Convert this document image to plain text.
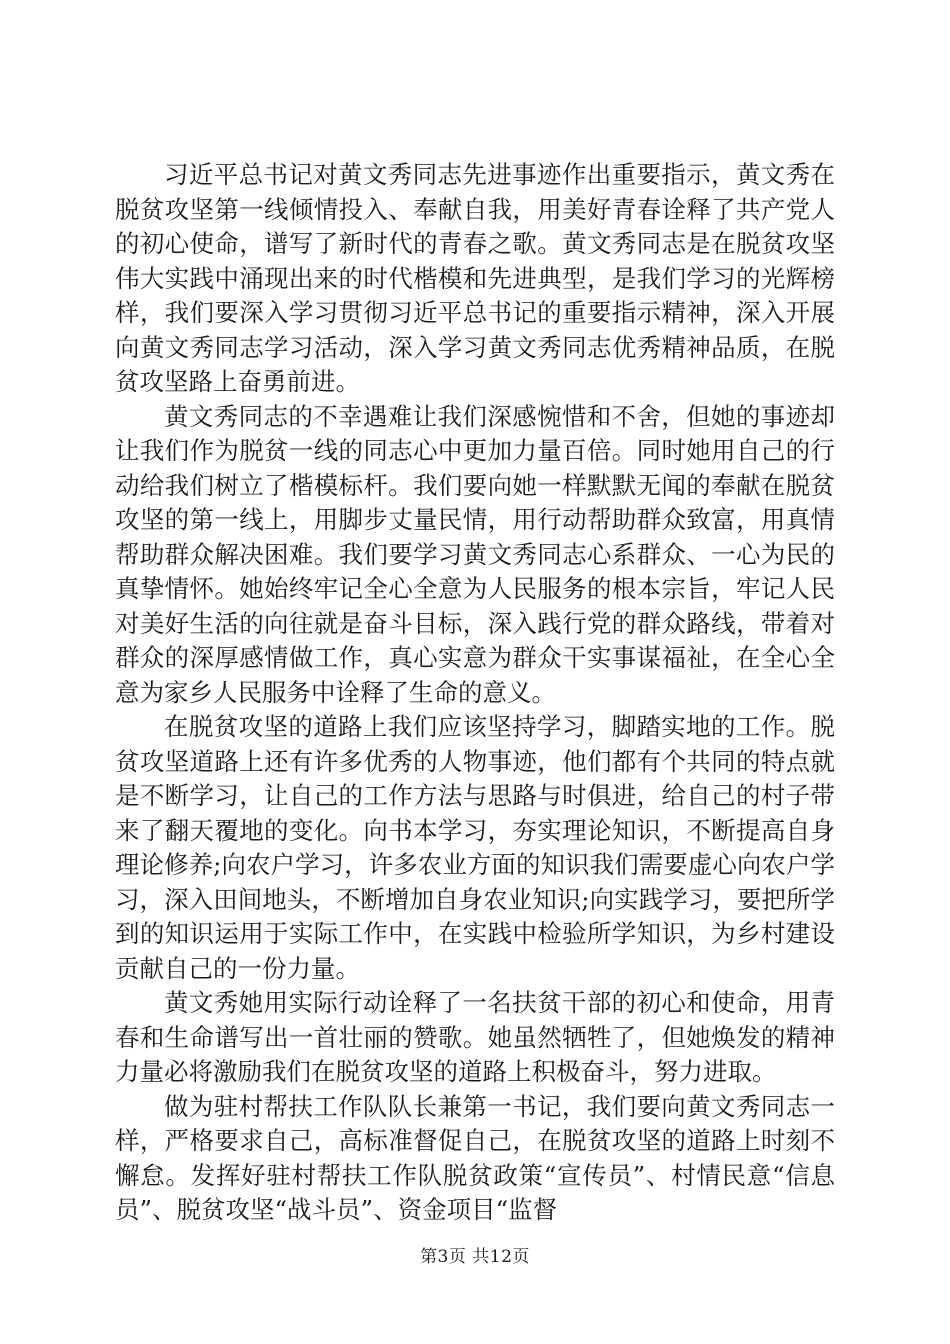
习近平总书记对黄文秀同志先进事迹作出重要指示，黄文秀在脱贫攻坚第一线倾情投入、奉献自我，用美好青春诠释了共产党人的初心使命，谱写了新时代的青春之歌。黄文秀同志是在脱贫攻坚伟大实践中涌现出来的时代楷模和先进典型，是我们学习的光辉榜样，我们要深入学习贯彻习近平总书记的重要指示精神，深入开展向黄文秀同志学习活动，深入学习黄文秀同志优秀精神品质，在脱贫攻坚路上奋勇前进。

黄文秀同志的不幸遇难让我们深感惋惜和不舍，但她的事迹却让我们作为脱贫一线的同志心中更加力量百倍。同时她用自己的行动给我们树立了楷模标杆。我们要向她一样默默无闻的奉献在脱贫攻坚的第一线上，用脚步丈量民情，用行动帮助群众致富，用真情帮助群众解决困难。我们要学习黄文秀同志心系群众、一心为民的真挚情怀。她始终牢记全心全意为人民服务的根本宗旨，牢记人民对美好生活的向往就是奋斗目标，深入践行党的群众路线，带着对群众的深厚感情做工作，真心实意为群众干实事谋福祉，在全心全意为家乡人民服务中诠释了生命的意义。

在脱贫攻坚的道路上我们应该坚持学习，脚踏实地的工作。脱贫攻坚道路上还有许多优秀的人物事迹，他们都有个共同的特点就是不断学习，让自己的工作方法与思路与时俱进，给自己的村子带来了翻天覆地的变化。向书本学习，夯实理论知识，不断提高自身理论修养;向农户学习，许多农业方面的知识我们需要虚心向农户学习，深入田间地头，不断增加自身农业知识;向实践学习，要把所学到的知识运用于实际工作中，在实践中检验所学知识，为乡村建设贡献自己的一份力量。

黄文秀她用实际行动诠释了一名扶贫干部的初心和使命，用青春和生命谱写出一首壮丽的赞歌。她虽然牺牲了，但她焕发的精神力量必将激励我们在脱贫攻坚的道路上积极奋斗，努力进取。

做为驻村帮扶工作队队长兼第一书记，我们要向黄文秀同志一样，严格要求自己，高标准督促自己，在脱贫攻坚的道路上时刻不懈怠。发挥好驻村帮扶工作队脱贫政策“宣传员”、村情民意“信息员”、脱贫攻坚“战斗员”、资金项目“监督

第3页 共12页
